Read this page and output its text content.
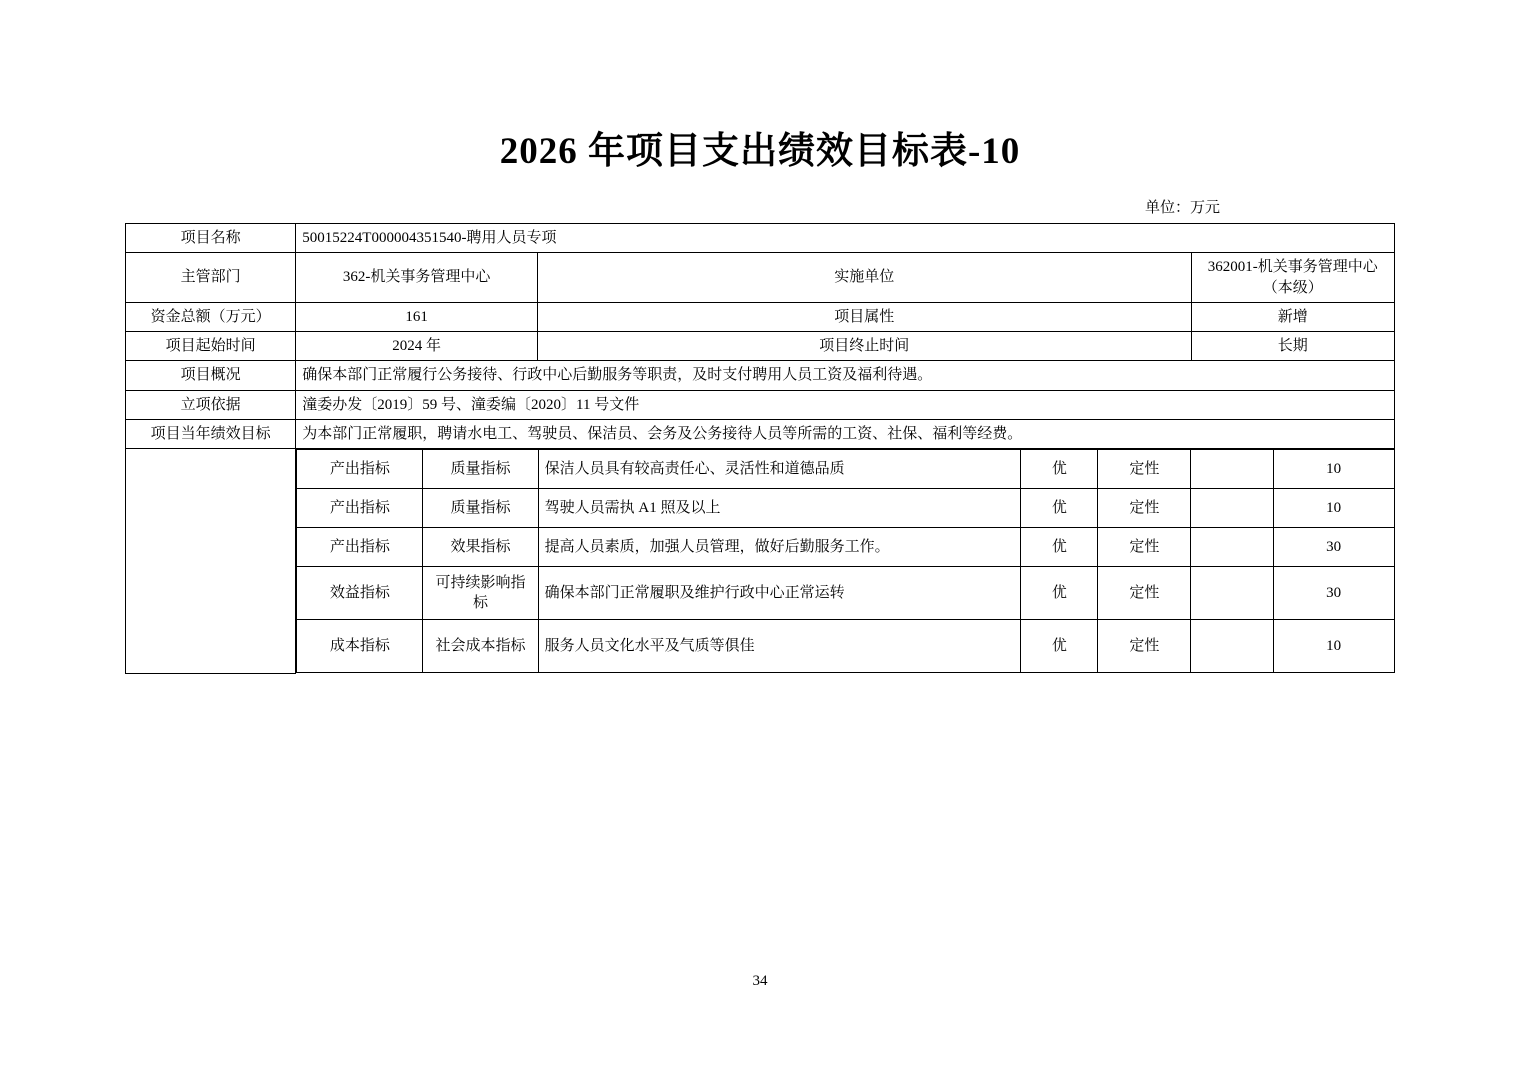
2026 年项目支出绩效目标表-10
单位：万元
项目名称	50015224T000004351540-聘用人员专项
主管部门	362-机关事务管理中心	实施单位	362001-机关事务管理中心（本级）
资金总额（万元）	161	项目属性	新增
项目起始时间	2024 年	项目终止时间	长期
项目概况	确保本部门正常履行公务接待、行政中心后勤服务等职责，及时支付聘用人员工资及福利待遇。
立项依据	潼委办发〔2019〕59 号、潼委编〔2020〕11 号文件
项目当年绩效目标	为本部门正常履职，聘请水电工、驾驶员、保洁员、会务及公务接待人员等所需的工资、社保、福利等经费。

产出指标	质量指标	保洁人员具有较高责任心、灵活性和道德品质	优	定性		10
产出指标	质量指标	驾驶人员需执 A1 照及以上	优	定性		10
产出指标	效果指标	提高人员素质，加强人员管理，做好后勤服务工作。	优	定性		30
效益指标	可持续影响指标	确保本部门正常履职及维护行政中心正常运转	优	定性		30
成本指标	社会成本指标	服务人员文化水平及气质等俱佳	优	定性		10
34
